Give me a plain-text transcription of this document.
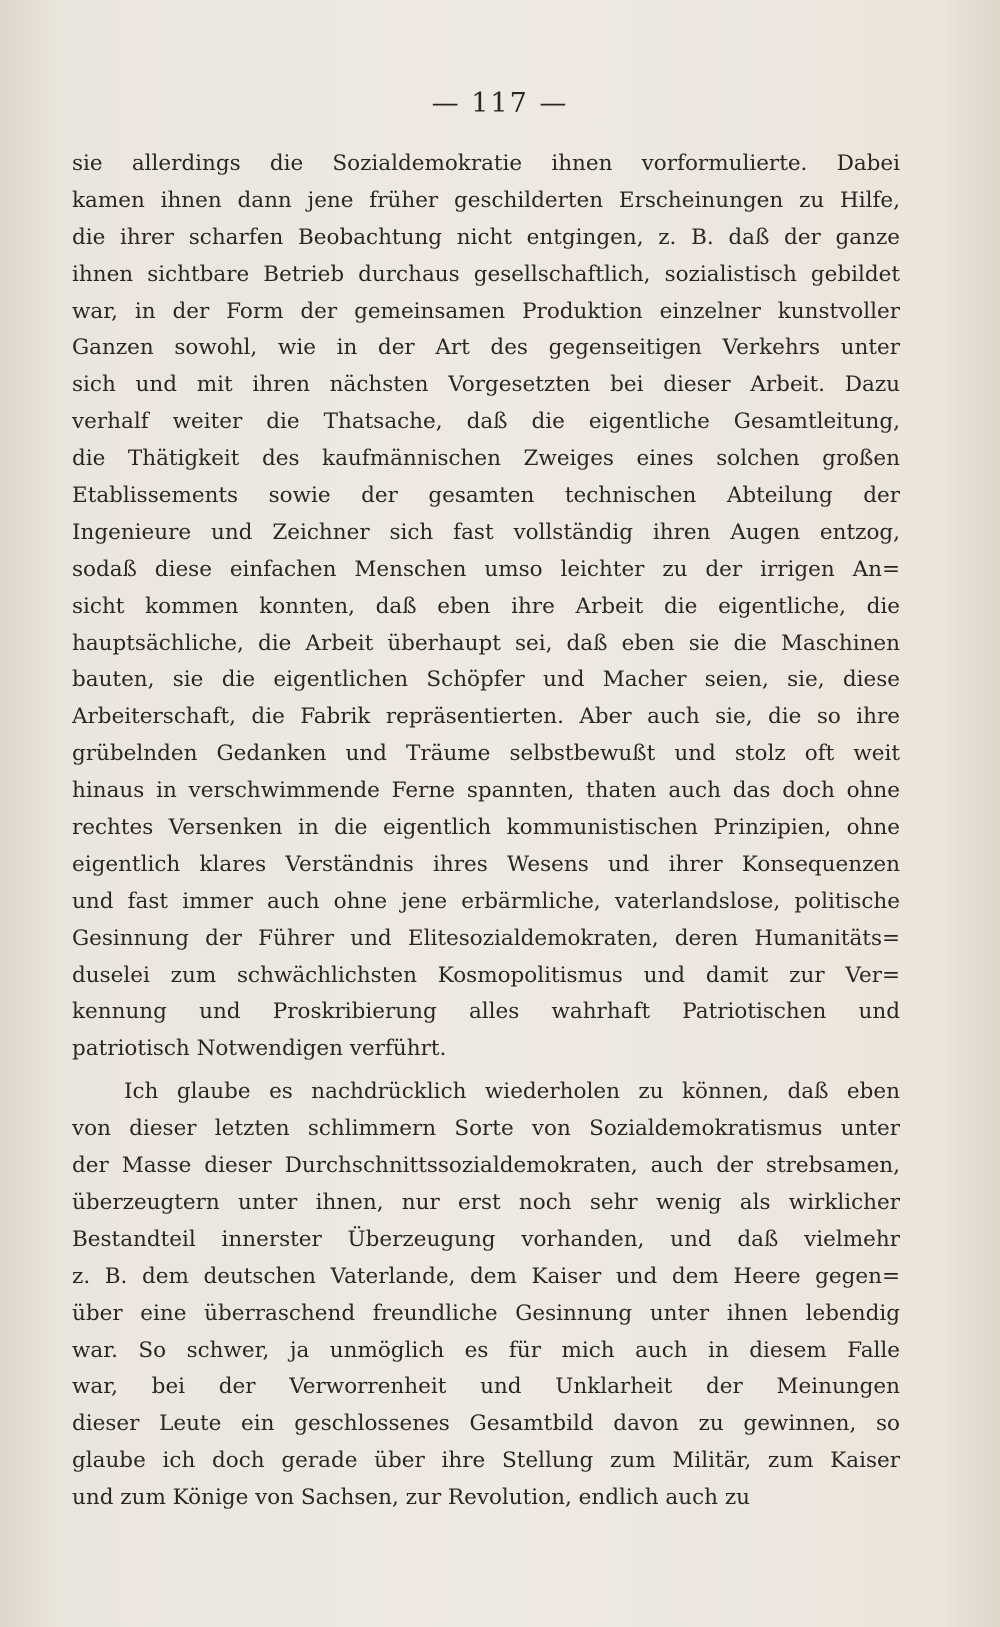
— 117 —
sie allerdings die Sozialdemokratie ihnen vorformulierte. Dabei
kamen ihnen dann jene früher geschilderten Erscheinungen zu Hilfe,
die ihrer scharfen Beobachtung nicht entgingen, z. B. daß der ganze
ihnen sichtbare Betrieb durchaus gesellschaftlich, sozialistisch gebildet
war, in der Form der gemeinsamen Produktion einzelner kunstvoller
Ganzen sowohl, wie in der Art des gegenseitigen Verkehrs unter
sich und mit ihren nächsten Vorgesetzten bei dieser Arbeit. Dazu
verhalf weiter die Thatsache, daß die eigentliche Gesamtleitung,
die Thätigkeit des kaufmännischen Zweiges eines solchen großen
Etablissements sowie der gesamten technischen Abteilung der
Ingenieure und Zeichner sich fast vollständig ihren Augen entzog,
sodaß diese einfachen Menschen umso leichter zu der irrigen An=
sicht kommen konnten, daß eben ihre Arbeit die eigentliche, die
hauptsächliche, die Arbeit überhaupt sei, daß eben sie die Maschinen
bauten, sie die eigentlichen Schöpfer und Macher seien, sie, diese
Arbeiterschaft, die Fabrik repräsentierten. Aber auch sie, die so ihre
grübelnden Gedanken und Träume selbstbewußt und stolz oft weit
hinaus in verschwimmende Ferne spannten, thaten auch das doch ohne
rechtes Versenken in die eigentlich kommunistischen Prinzipien, ohne
eigentlich klares Verständnis ihres Wesens und ihrer Konsequenzen
und fast immer auch ohne jene erbärmliche, vaterlandslose, politische
Gesinnung der Führer und Elitesozialdemokraten, deren Humanitäts=
duselei zum schwächlichsten Kosmopolitismus und damit zur Ver=
kennung und Proskribierung alles wahrhaft Patriotischen und
patriotisch Notwendigen verführt.
Ich glaube es nachdrücklich wiederholen zu können, daß eben
von dieser letzten schlimmern Sorte von Sozialdemokratismus unter
der Masse dieser Durchschnittssozialdemokraten, auch der strebsamen,
überzeugtern unter ihnen, nur erst noch sehr wenig als wirklicher
Bestandteil innerster Überzeugung vorhanden, und daß vielmehr
z. B. dem deutschen Vaterlande, dem Kaiser und dem Heere gegen=
über eine überraschend freundliche Gesinnung unter ihnen lebendig
war. So schwer, ja unmöglich es für mich auch in diesem Falle
war, bei der Verworrenheit und Unklarheit der Meinungen
dieser Leute ein geschlossenes Gesamtbild davon zu gewinnen, so
glaube ich doch gerade über ihre Stellung zum Militär, zum Kaiser
und zum Könige von Sachsen, zur Revolution, endlich auch zu
